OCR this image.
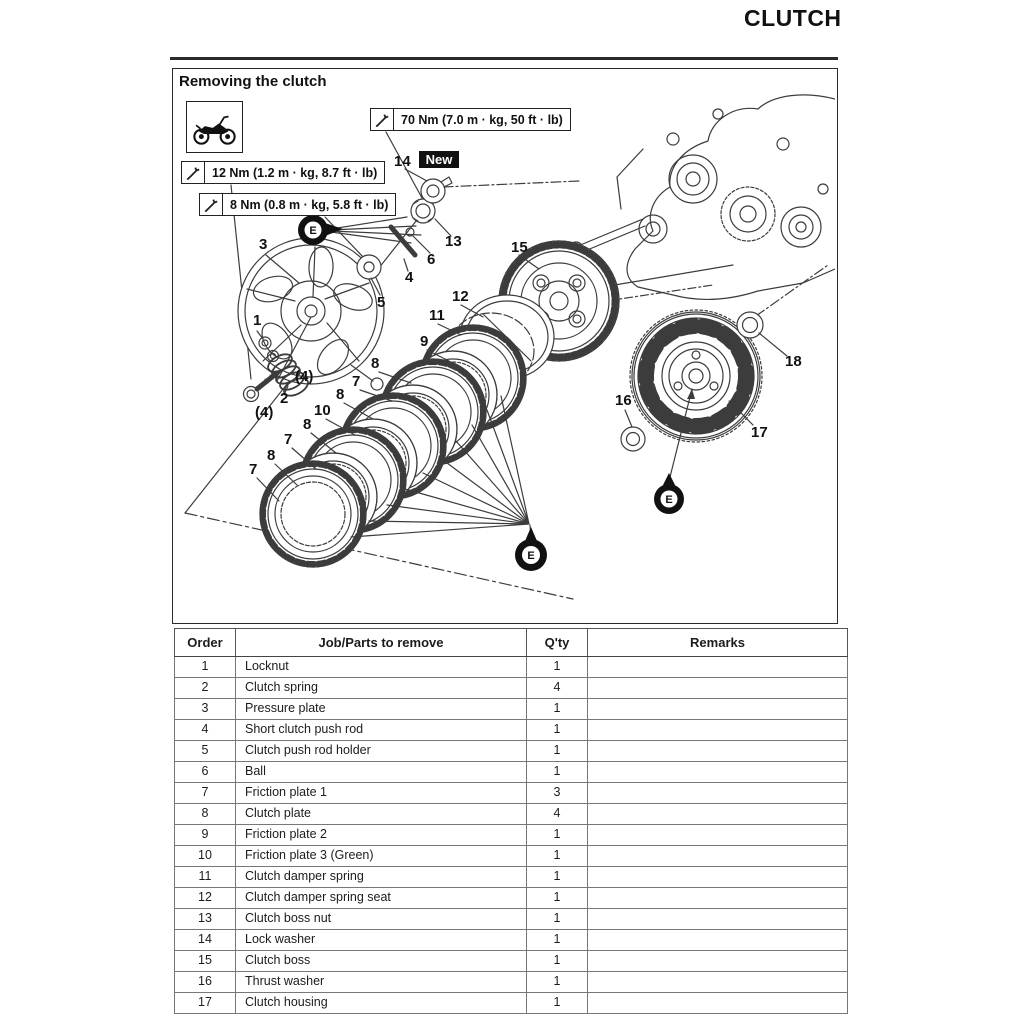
CLUTCH
Removing the clutch
70 Nm (7.0 m · kg, 50 ft · lb)
12 Nm (1.2 m · kg, 8.7 ft · lb)
8 Nm (0.8 m · kg, 5.8 ft · lb)
3
1
(4)
2
(4)
5
4
6
13
14
15
12
11
9
8
7
8
10
8
7
8
7
16
17
18
New
E
E
E
Order	Job/Parts to remove	Q'ty	Remarks
1	Locknut	1	
2	Clutch spring	4	
3	Pressure plate	1	
4	Short clutch push rod	1	
5	Clutch push rod holder	1	
6	Ball	1	
7	Friction plate 1	3	
8	Clutch plate	4	
9	Friction plate 2	1	
10	Friction plate 3 (Green)	1	
11	Clutch damper spring	1	
12	Clutch damper spring seat	1	
13	Clutch boss nut	1	
14	Lock washer	1	
15	Clutch boss	1	
16	Thrust washer	1	
17	Clutch housing	1	
